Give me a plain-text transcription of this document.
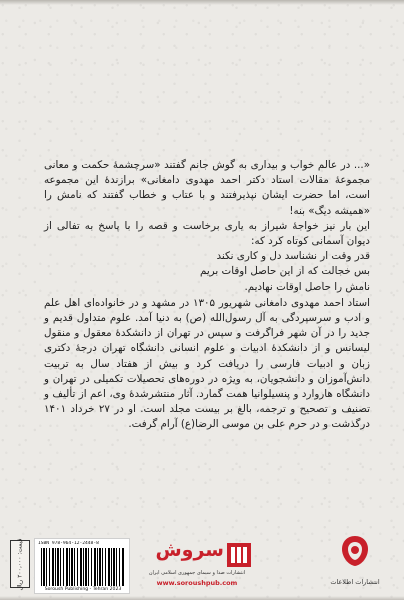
«... در عالم خواب و بیداری به گوش جانم گفتند «سرچشمهٔ حکمت و معانی مجموعهٔ مقالات استاد دکتر احمد مهدوی دامغانی» برازندهٔ این مجموعه است، اما حضرت ایشان نپذیرفتند و با عتاب و خطاب گفتند که نامش را «همیشه دیگ» بنه!

این بار نیز خواجهٔ شیراز به یاری برخاست و قصه را با پاسخ به تفالی از دیوان آسمانی کوتاه کرد که:

قدر وقت ار نشناسد دل و کاری نکند

بس خجالت که از این حاصل اوقات بریم

نامش را حاصل اوقات نهادیم.

استاد احمد مهدوی دامغانی شهریور ۱۳۰۵ در مشهد و در خانواده‌ای اهل علم و ادب و سرسپردگی به آل رسول‌الله (ص) به دنیا آمد. علوم متداول قدیم و جدید را در آن شهر فراگرفت و سپس در تهران از دانشکدهٔ معقول و منقول لیسانس و از دانشکدهٔ ادبیات و علوم انسانی دانشگاه تهران درجهٔ دکتری زبان و ادبیات فارسی را دریافت کرد و بیش از هفتاد سال به تربیت دانش‌آموزان و دانشجویان، به ویژه در دوره‌های تحصیلات تکمیلی در تهران و دانشگاه هاروارد و پنسیلوانیا همت گمارد. آثار منتشرشدهٔ وی، اعم از تألیف و تصنیف و تصحیح و ترجمه، بالغ بر بیست مجلد است. او در ۲۷ خرداد ۱۴۰۱ درگذشت و در حرم علی بن موسی الرضا(ع) آرام گرفت.

قیمت: ۲۰۰،۰۰۰ ریال	ISBN 978-964-12-2448-8
Soroush Publishing - Tehran 2023
سروش
انتشارات صدا و سیمای جمهوری اسلامی ایران
www.soroushpub.com	انتشارات اطلاعات
